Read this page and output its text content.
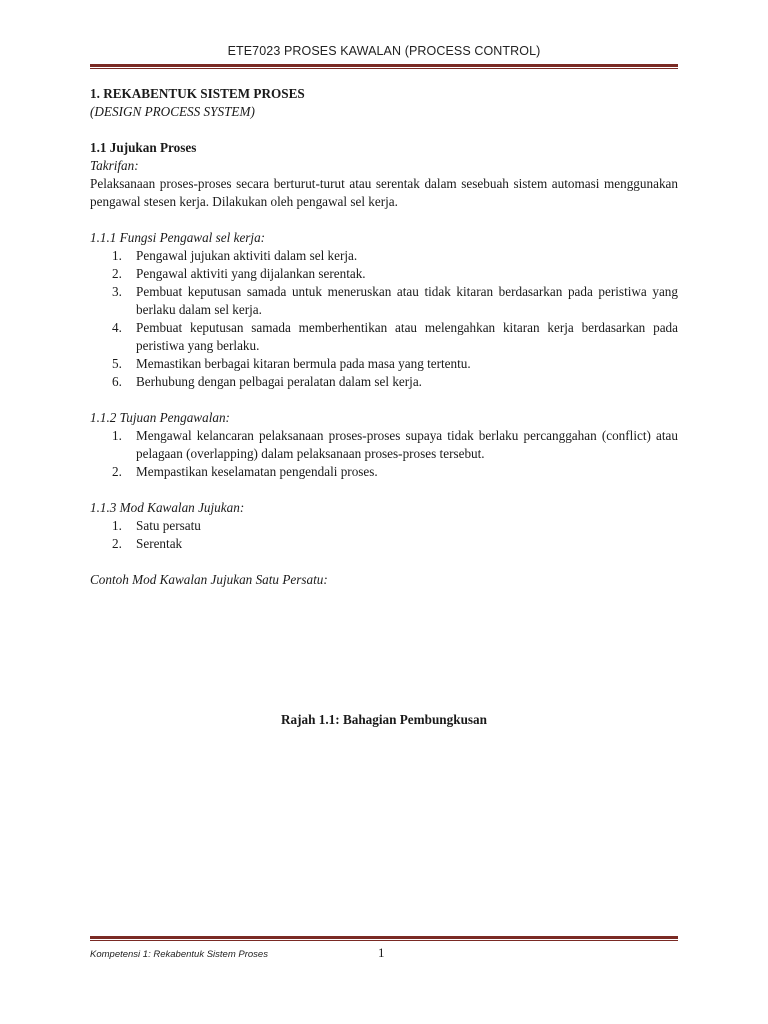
ETE7023 PROSES KAWALAN (PROCESS CONTROL)

1. REKABENTUK SISTEM PROSES

(DESIGN PROCESS SYSTEM)

1.1 Jujukan Proses

Takrifan:

Pelaksanaan proses-proses secara berturut-turut atau serentak dalam sesebuah sistem automasi menggunakan pengawal stesen kerja. Dilakukan oleh pengawal sel kerja.

1.1.1 Fungsi Pengawal sel kerja:

1. Pengawal jujukan aktiviti dalam sel kerja.
2. Pengawal aktiviti yang dijalankan serentak.
3. Pembuat keputusan samada untuk meneruskan atau tidak kitaran berdasarkan pada peristiwa yang berlaku dalam sel kerja.
4. Pembuat keputusan samada memberhentikan atau melengahkan kitaran kerja berdasarkan pada peristiwa yang berlaku.
5. Memastikan berbagai kitaran bermula pada masa yang tertentu.
6. Berhubung dengan pelbagai peralatan dalam sel kerja.

1.1.2 Tujuan Pengawalan:

1. Mengawal kelancaran pelaksanaan proses-proses supaya tidak berlaku percanggahan (conflict) atau pelagaan (overlapping) dalam pelaksanaan proses-proses tersebut.
2. Mempastikan keselamatan pengendali proses.

1.1.3 Mod Kawalan Jujukan:

1. Satu persatu
2. Serentak

Contoh Mod Kawalan Jujukan Satu Persatu:

Rajah 1.1: Bahagian Pembungkusan
Kompetensi 1: Rekabentuk Sistem Proses	1
